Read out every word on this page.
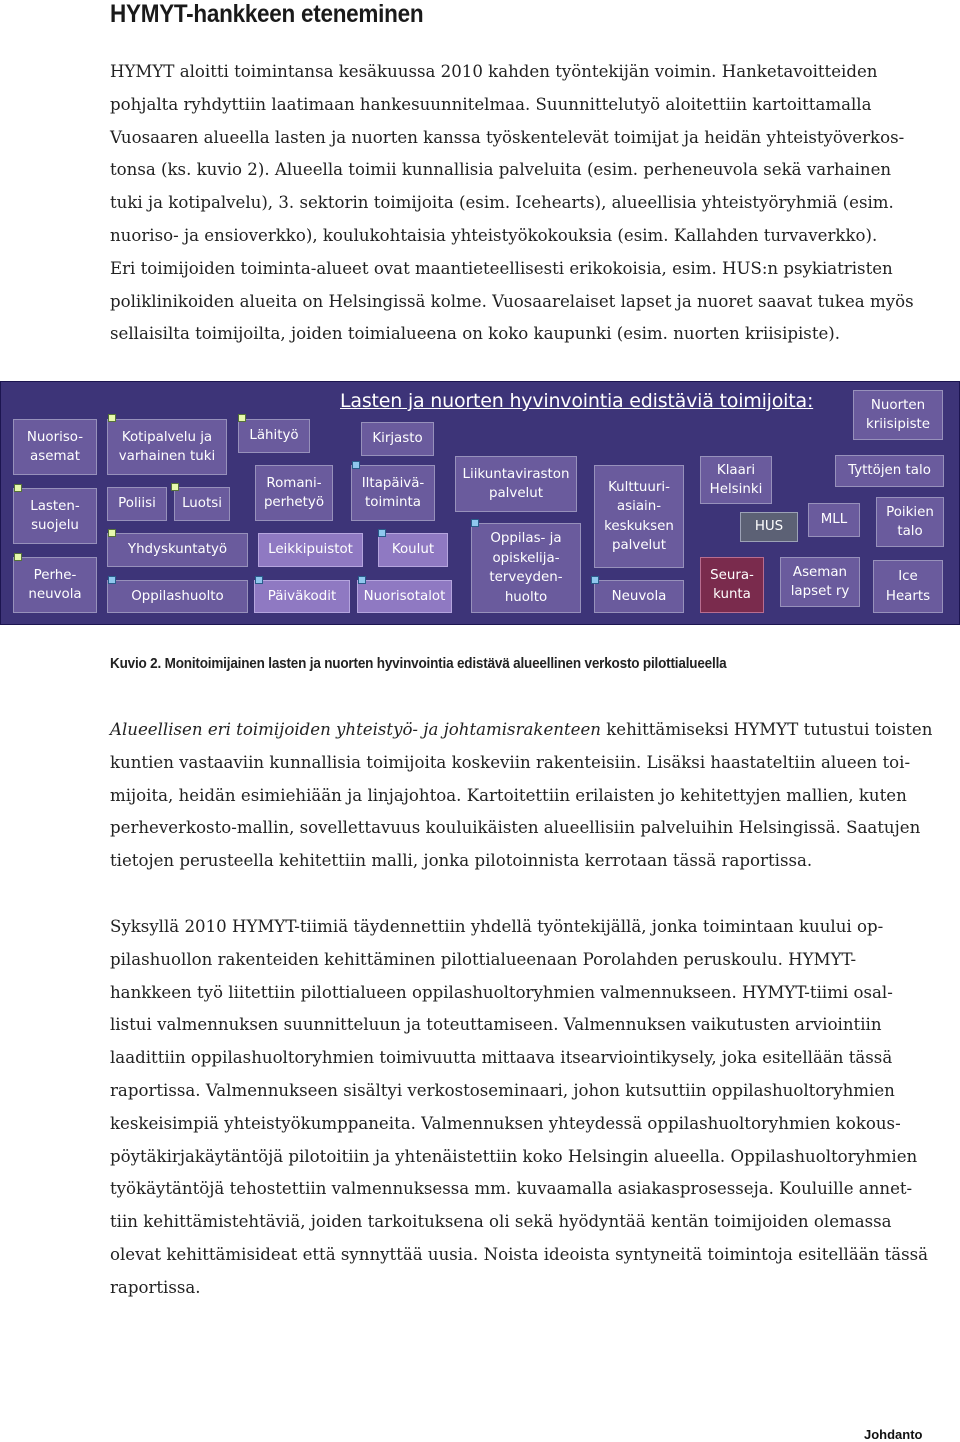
HYMYT-hankkeen eteneminen
HYMYT aloitti toimintansa kesäkuussa 2010 kahden työntekijän voimin. Hanketavoitteiden
pohjalta ryhdyttiin laatimaan hankesuunnitelmaa. Suunnittelutyö aloitettiin kartoittamalla
Vuosaaren alueella lasten ja nuorten kanssa työskentelevät toimijat ja heidän yhteistyöverkos-
tonsa (ks. kuvio 2). Alueella toimii kunnallisia palveluita (esim. perheneuvola sekä varhainen
tuki ja kotipalvelu), 3. sektorin toimijoita (esim. Icehearts), alueellisia yhteistyöryhmiä (esim.
nuoriso- ja ensioverkko), koulukohtaisia yhteistyökokouksia (esim. Kallahden turvaverkko).
Eri toimijoiden toiminta-alueet ovat maantieteellisesti erikokoisia, esim. HUS:n psykiatristen
poliklinikoiden alueita on Helsingissä kolme. Vuosaarelaiset lapset ja nuoret saavat tukea myös
sellaisilta toimijoilta, joiden toimialueena on koko kaupunki (esim. nuorten kriisipiste).
Lasten ja nuorten hyvinvointia edistäviä toimijoita:
Nuoriso-
asemat
Lasten-
suojelu
Perhe-
neuvola
Kotipalvelu ja
varhainen tuki
Poliisi	Luotsi
Yhdyskuntatyö
Oppilashuolto
Lähityö
Romani-
perhetyö
Leikkipuistot
Päiväkodit
Kirjasto
Iltapäivä-
toiminta
Koulut
Nuorisotalot
Liikuntaviraston
palvelut
Oppilas- ja
opiskelija-
terveyden-
huolto
Kulttuuri-
asiain-
keskuksen
palvelut
Neuvola
Klaari
Helsinki
HUS
Seura-
kunta
MLL
Aseman
lapset ry
Nuorten
kriisipiste
Tyttöjen talo
Poikien
talo
Ice
Hearts
Kuvio 2. Monitoimijainen lasten ja nuorten hyvinvointia edistävä alueellinen verkosto pilottialueella
Alueellisen eri toimijoiden yhteistyö- ja johtamisrakenteen kehittämiseksi HYMYT tutustui toisten
kuntien vastaaviin kunnallisia toimijoita koskeviin rakenteisiin. Lisäksi haastateltiin alueen toi-
mijoita, heidän esimiehiään ja linjajohtoa. Kartoitettiin erilaisten jo kehitettyjen mallien, kuten
perheverkosto-mallin, sovellettavuus kouluikäisten alueellisiin palveluihin Helsingissä. Saatujen
tietojen perusteella kehitettiin malli, jonka pilotoinnista kerrotaan tässä raportissa.
Syksyllä 2010 HYMYT-tiimiä täydennettiin yhdellä työntekijällä, jonka toimintaan kuului op-
pilashuollon rakenteiden kehittäminen pilottialueenaan Porolahden peruskoulu. HYMYT-
hankkeen työ liitettiin pilottialueen oppilashuoltoryhmien valmennukseen. HYMYT-tiimi osal-
listui valmennuksen suunnitteluun ja toteuttamiseen. Valmennuksen vaikutusten arviointiin
laadittiin oppilashuoltoryhmien toimivuutta mittaava itsearviointikysely, joka esitellään tässä
raportissa. Valmennukseen sisältyi verkostoseminaari, johon kutsuttiin oppilashuoltoryhmien
keskeisimpiä yhteistyökumppaneita. Valmennuksen yhteydessä oppilashuoltoryhmien kokous-
pöytäkirjakäytäntöjä pilotoitiin ja yhtenäistettiin koko Helsingin alueella. Oppilashuoltoryhmien
työkäytäntöjä tehostettiin valmennuksessa mm. kuvaamalla asiakasprosesseja. Kouluille annet-
tiin kehittämistehtäviä, joiden tarkoituksena oli sekä hyödyntää kentän toimijoiden olemassa
olevat kehittämisideat että synnyttää uusia. Noista ideoista syntyneitä toimintoja esitellään tässä
raportissa.
Johdanto
